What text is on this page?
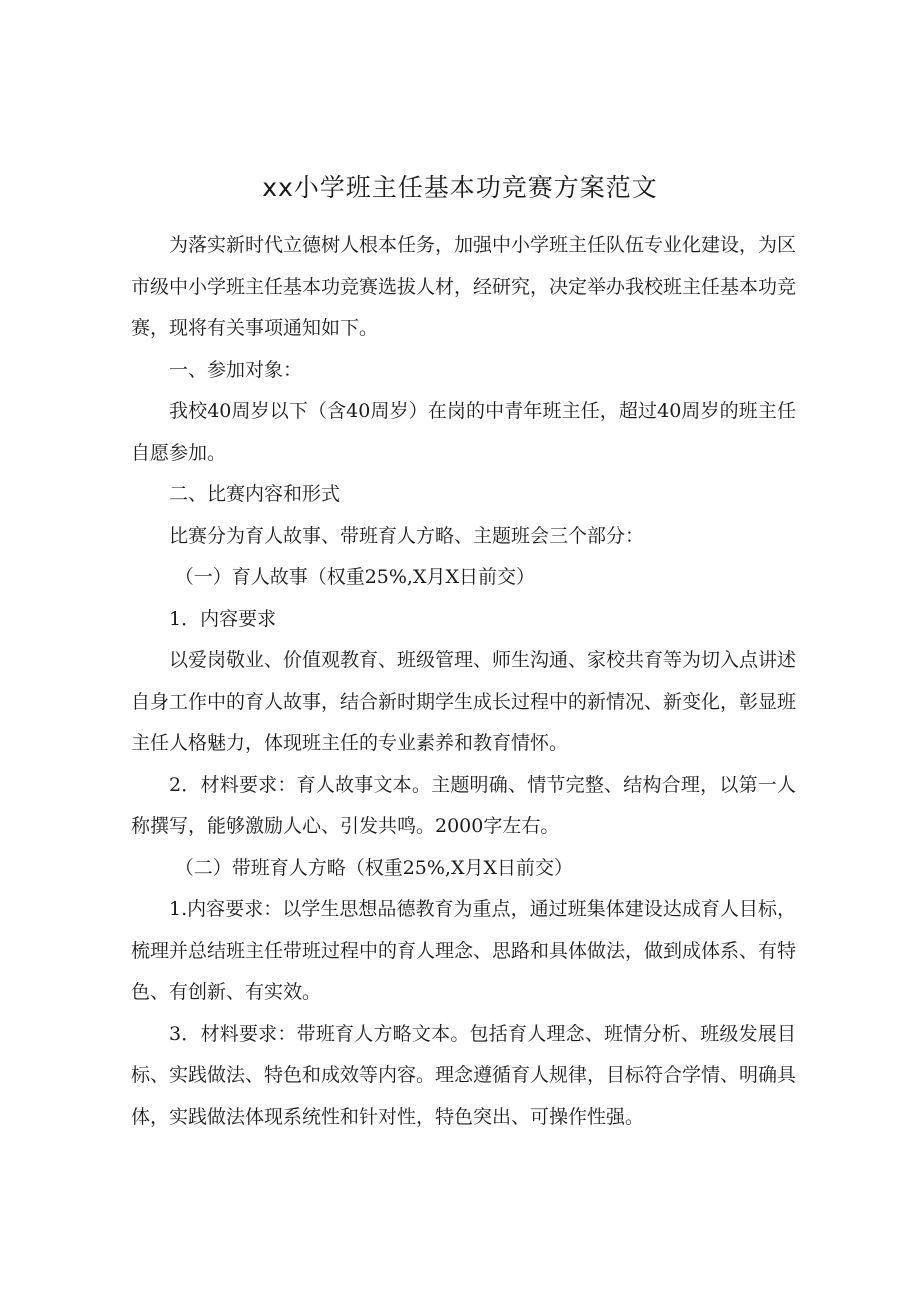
xx小学班主任基本功竞赛方案范文

为落实新时代立德树人根本任务，加强中小学班主任队伍专业化建设，为区市级中小学班主任基本功竞赛选拔人材，经研究，决定举办我校班主任基本功竞赛，现将有关事项通知如下。

一、参加对象：

我校40周岁以下（含40周岁）在岗的中青年班主任，超过40周岁的班主任自愿参加。

二、比赛内容和形式

比赛分为育人故事、带班育人方略、主题班会三个部分：

（一）育人故事（权重25%,X月X日前交）

1．内容要求

以爱岗敬业、价值观教育、班级管理、师生沟通、家校共育等为切入点讲述自身工作中的育人故事，结合新时期学生成长过程中的新情况、新变化，彰显班主任人格魅力，体现班主任的专业素养和教育情怀。

2．材料要求：育人故事文本。主题明确、情节完整、结构合理，以第一人称撰写，能够激励人心、引发共鸣。2000字左右。

（二）带班育人方略（权重25%,X月X日前交）

1.内容要求：以学生思想品德教育为重点，通过班集体建设达成育人目标，梳理并总结班主任带班过程中的育人理念、思路和具体做法，做到成体系、有特色、有创新、有实效。

3．材料要求：带班育人方略文本。包括育人理念、班情分析、班级发展目标、实践做法、特色和成效等内容。理念遵循育人规律，目标符合学情、明确具体，实践做法体现系统性和针对性，特色突出、可操作性强。
